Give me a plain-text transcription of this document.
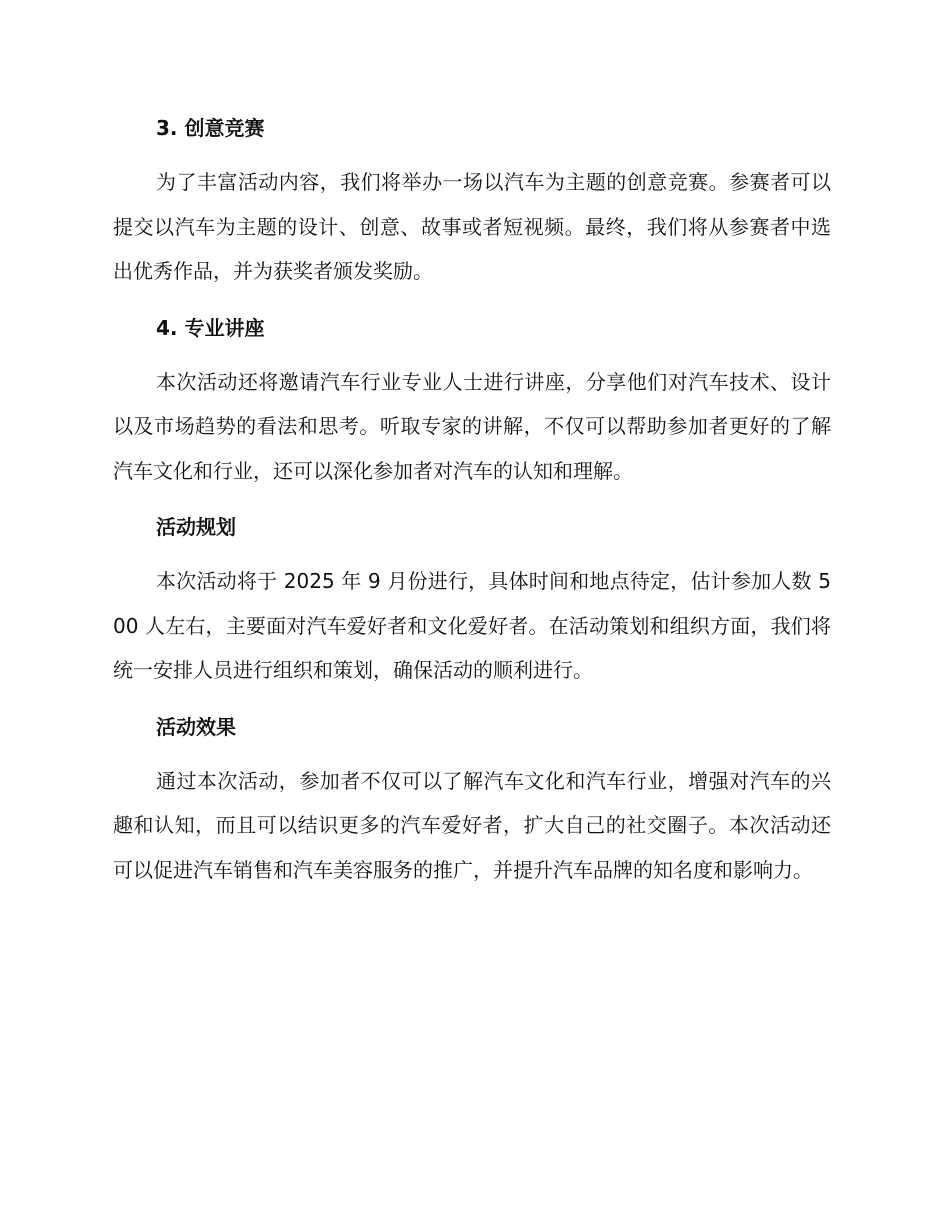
3. 创意竞赛

为了丰富活动内容，我们将举办一场以汽车为主题的创意竞赛。参赛者可以提交以汽车为主题的设计、创意、故事或者短视频。最终，我们将从参赛者中选出优秀作品，并为获奖者颁发奖励。

4. 专业讲座

本次活动还将邀请汽车行业专业人士进行讲座，分享他们对汽车技术、设计以及市场趋势的看法和思考。听取专家的讲解，不仅可以帮助参加者更好的了解汽车文化和行业，还可以深化参加者对汽车的认知和理解。

活动规划

本次活动将于 2025 年 9 月份进行，具体时间和地点待定，估计参加人数 500 人左右，主要面对汽车爱好者和文化爱好者。在活动策划和组织方面，我们将统一安排人员进行组织和策划，确保活动的顺利进行。

活动效果

通过本次活动，参加者不仅可以了解汽车文化和汽车行业，增强对汽车的兴趣和认知，而且可以结识更多的汽车爱好者，扩大自己的社交圈子。本次活动还可以促进汽车销售和汽车美容服务的推广，并提升汽车品牌的知名度和影响力。
